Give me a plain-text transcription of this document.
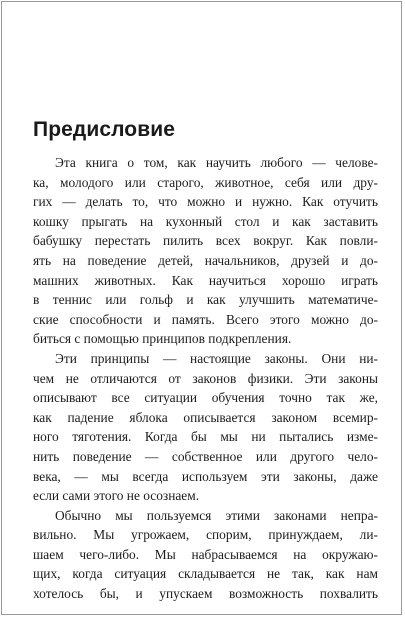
Предисловие
Эта книга о том, как научить любого — челове-
ка, молодого или старого, животное, себя или дру-
гих — делать то, что можно и нужно. Как отучить
кошку прыгать на кухонный стол и как заставить
бабушку перестать пилить всех вокруг. Как повли-
ять на поведение детей, начальников, друзей и до-
машних животных. Как научиться хорошо играть
в теннис или гольф и как улучшить математиче-
ские способности и память. Всего этого можно до-
биться с помощью принципов подкрепления.
Эти принципы — настоящие законы. Они ни-
чем не отличаются от законов физики. Эти законы
описывают все ситуации обучения точно так же,
как падение яблока описывается законом всемир-
ного тяготения. Когда бы мы ни пытались изме-
нить поведение — собственное или другого чело-
века, — мы всегда используем эти законы, даже
если сами этого не осознаем.
Обычно мы пользуемся этими законами непра-
вильно. Мы угрожаем, спорим, принуждаем, ли-
шаем чего-либо. Мы набрасываемся на окружаю-
щих, когда ситуация складывается не так, как нам
хотелось бы, и упускаем возможность похвалить
